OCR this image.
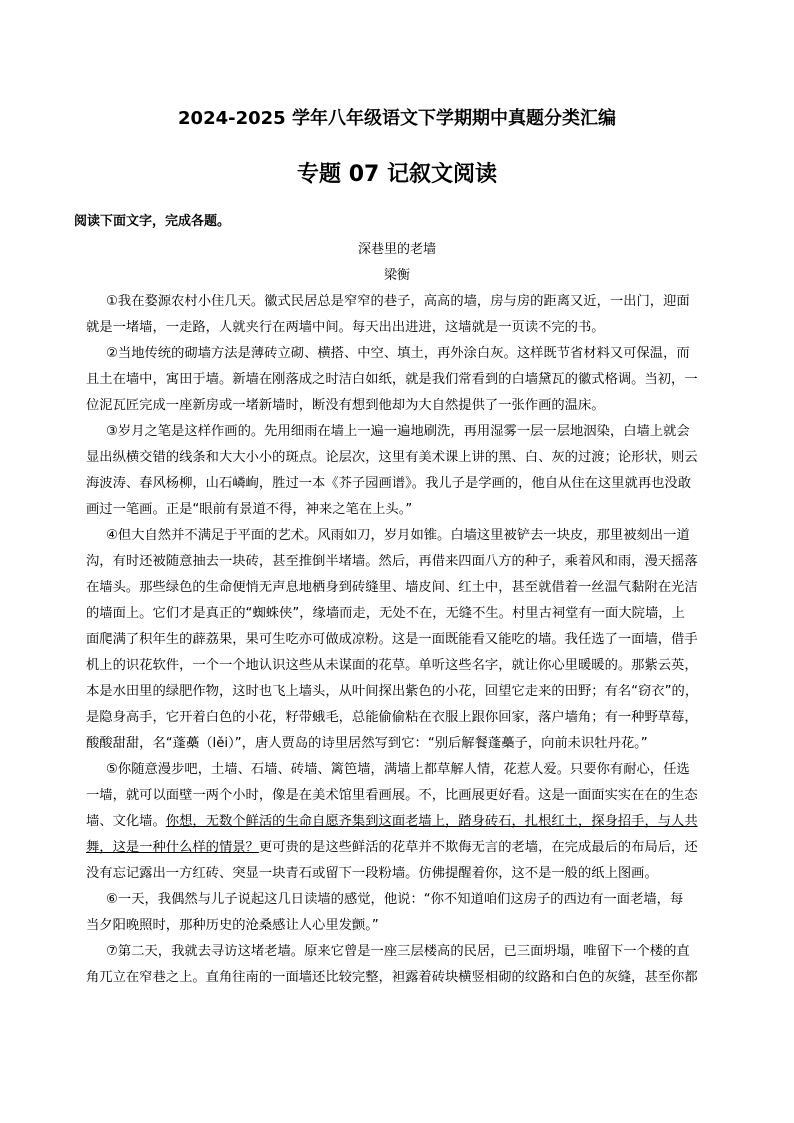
2024-2025 学年八年级语文下学期期中真题分类汇编
专题 07 记叙文阅读
阅读下面文字，完成各题。
深巷里的老墙
梁衡
①我在婺源农村小住几天。徽式民居总是窄窄的巷子，高高的墙，房与房的距离又近，一出门，迎面
就是一堵墙，一走路，人就夹行在两墙中间。每天出出进进，这墙就是一页读不完的书。
②当地传统的砌墙方法是薄砖立砌、横搭、中空、填土，再外涂白灰。这样既节省材料又可保温，而
且土在墙中，寓田于墙。新墙在刚落成之时洁白如纸，就是我们常看到的白墙黛瓦的徽式格调。当初，一
位泥瓦匠完成一座新房或一堵新墙时，断没有想到他却为大自然提供了一张作画的温床。
③岁月之笔是这样作画的。先用细雨在墙上一遍一遍地刷洗，再用湿雾一层一层地洇染，白墙上就会
显出纵横交错的线条和大大小小的斑点。论层次，这里有美术课上讲的黑、白、灰的过渡；论形状，则云
海波涛、春风杨柳，山石嶙峋，胜过一本《芥子园画谱》。我儿子是学画的，他自从住在这里就再也没敢
画过一笔画。正是“眼前有景道不得，神来之笔在上头。”
④但大自然并不满足于平面的艺术。风雨如刀，岁月如锥。白墙这里被铲去一块皮，那里被刻出一道
沟，有时还被随意抽去一块砖，甚至推倒半堵墙。然后，再借来四面八方的种子，乘着风和雨，漫天摇落
在墙头。那些绿色的生命便悄无声息地栖身到砖缝里、墙皮间、红土中，甚至就借着一丝温气黏附在光洁
的墙面上。它们才是真正的“蜘蛛侠”，缘墙而走，无处不在，无缝不生。村里古祠堂有一面大院墙，上
面爬满了积年生的薜荔果，果可生吃亦可做成凉粉。这是一面既能看又能吃的墙。我任选了一面墙，借手
机上的识花软件，一个一个地认识这些从未谋面的花草。单听这些名字，就让你心里暖暖的。那紫云英，
本是水田里的绿肥作物，这时也飞上墙头，从叶间探出紫色的小花，回望它走来的田野；有名“窃衣”的，
是隐身高手，它开着白色的小花，籽带蛾毛，总能偷偷粘在衣服上跟你回家，落户墙角；有一种野草莓，
酸酸甜甜，名“蓬蘽（lěi）”，唐人贾岛的诗里居然写到它：“别后解餐蓬蘽子，向前未识牡丹花。”
⑤你随意漫步吧，土墙、石墙、砖墙、篱笆墙，满墙上都草解人情，花惹人爱。只要你有耐心，任选
一墙，就可以面壁一两个小时，像是在美术馆里看画展。不，比画展更好看。这是一面面实实在在的生态
墙、文化墙。你想，无数个鲜活的生命自愿齐集到这面老墙上，踏身砖石，扎根红土，探身招手，与人共
舞，这是一种什么样的情景？更可贵的是这些鲜活的花草并不欺侮无言的老墙，在完成最后的布局后，还
没有忘记露出一方红砖、突显一块青石或留下一段粉墙。仿佛提醒着你，这不是一般的纸上图画。
⑥一天，我偶然与儿子说起这几日读墙的感觉，他说：“你不知道咱们这房子的西边有一面老墙，每
当夕阳晚照时，那种历史的沧桑感让人心里发颤。”
⑦第二天，我就去寻访这堵老墙。原来它曾是一座三层楼高的民居，已三面坍塌，唯留下一个楼的直
角兀立在窄巷之上。直角往南的一面墙还比较完整，袒露着砖块横竖相砌的纹路和白色的灰缝，甚至你都
